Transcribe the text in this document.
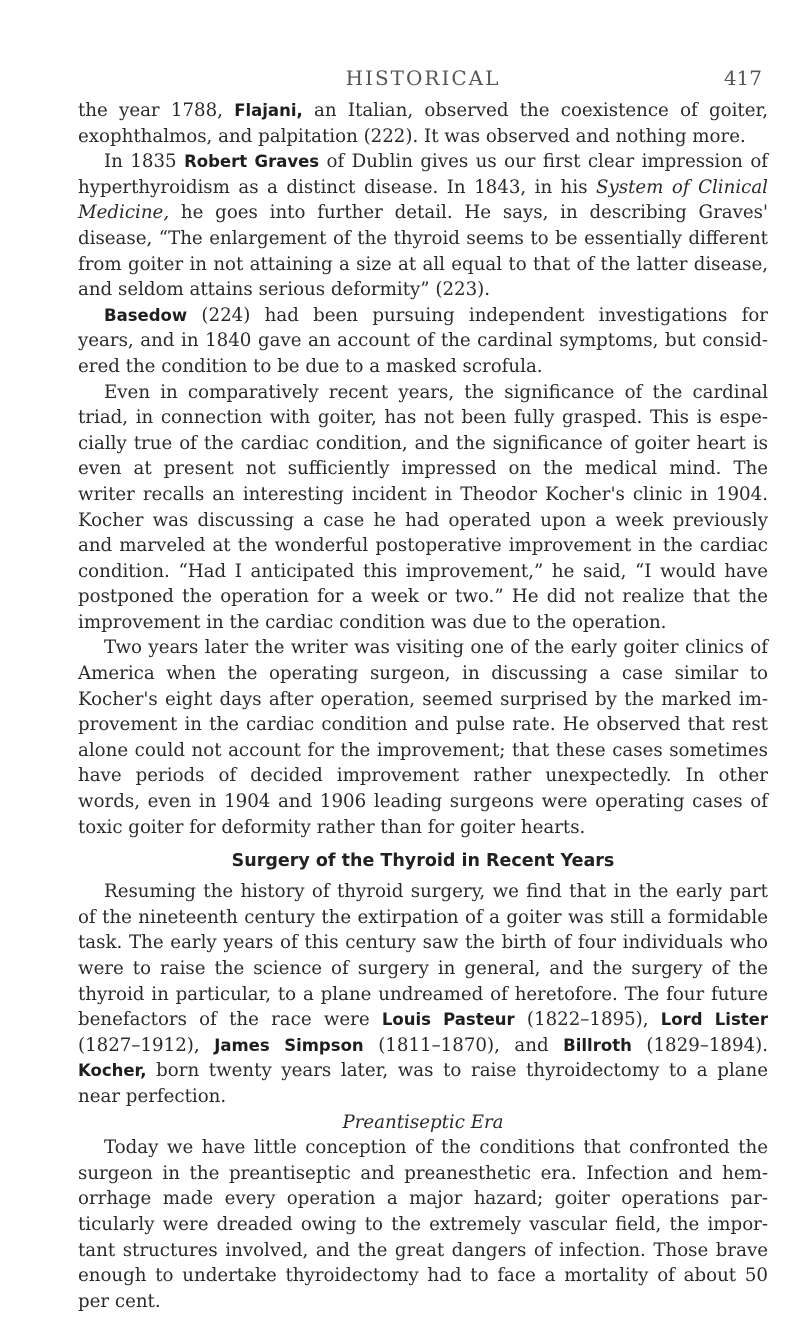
HISTORICAL	417

the year 1788, Flajani, an Italian, observed the coexistence of goiter, exophthalmos, and palpitation (222). It was observed and nothing more.

In 1835 Robert Graves of Dublin gives us our first clear impression of hyperthyroidism as a distinct disease. In 1843, in his System of Clinical Medicine, he goes into further detail. He says, in describing Graves' disease, “The enlargement of the thyroid seems to be essentially different from goiter in not attaining a size at all equal to that of the latter disease, and seldom attains serious deformity” (223).

Basedow (224) had been pursuing independent investigations for years, and in 1840 gave an account of the cardinal symptoms, but considered the condition to be due to a masked scrofula.

Even in comparatively recent years, the significance of the cardinal triad, in connection with goiter, has not been fully grasped. This is especially true of the cardiac condition, and the significance of goiter heart is even at present not sufficiently impressed on the medical mind. The writer recalls an interesting incident in Theodor Kocher's clinic in 1904. Kocher was discussing a case he had operated upon a week previously and marveled at the wonderful postoperative improvement in the cardiac condition. “Had I anticipated this improvement,” he said, “I would have postponed the operation for a week or two.” He did not realize that the improvement in the cardiac condition was due to the operation.

Two years later the writer was visiting one of the early goiter clinics of America when the operating surgeon, in discussing a case similar to Kocher's eight days after operation, seemed surprised by the marked improvement in the cardiac condition and pulse rate. He observed that rest alone could not account for the improvement; that these cases sometimes have periods of decided improvement rather unexpectedly. In other words, even in 1904 and 1906 leading surgeons were operating cases of toxic goiter for deformity rather than for goiter hearts.

Surgery of the Thyroid in Recent Years

Resuming the history of thyroid surgery, we find that in the early part of the nineteenth century the extirpation of a goiter was still a formidable task. The early years of this century saw the birth of four individuals who were to raise the science of surgery in general, and the surgery of the thyroid in particular, to a plane undreamed of heretofore. The four future benefactors of the race were Louis Pasteur (1822–1895), Lord Lister (1827–1912), James Simpson (1811–1870), and Billroth (1829–1894). Kocher, born twenty years later, was to raise thyroidectomy to a plane near perfection.

Preantiseptic Era

Today we have little conception of the conditions that confronted the surgeon in the preantiseptic and preanesthetic era. Infection and hemorrhage made every operation a major hazard; goiter operations particularly were dreaded owing to the extremely vascular field, the important structures involved, and the great dangers of infection. Those brave enough to undertake thyroidectomy had to face a mortality of about 50 per cent.
